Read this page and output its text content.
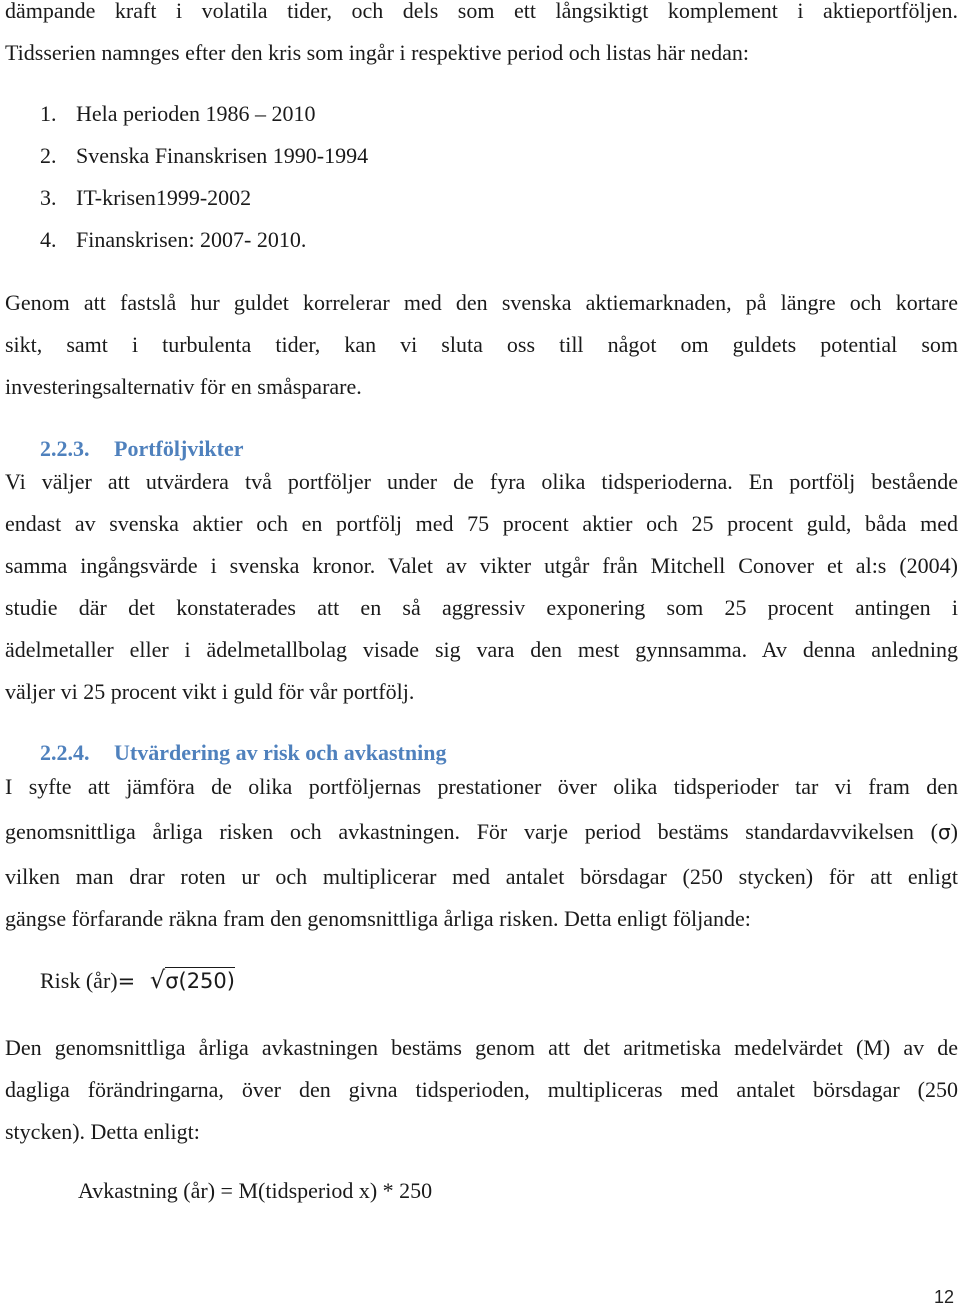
dämpande kraft i volatila tider, och dels som ett långsiktigt komplement i aktieportföljen.
Tidsserien namnges efter den kris som ingår i respektive period och listas här nedan:

1. Hela perioden 1986 – 2010
2. Svenska Finanskrisen 1990-1994
3. IT-krisen1999-2002
4. Finanskrisen: 2007- 2010.

Genom att fastslå hur guldet korrelerar med den svenska aktiemarknaden, på längre och kortare
sikt, samt i turbulenta tider, kan vi sluta oss till något om guldets potential som
investeringsalternativ för en småsparare.

2.2.3. Portföljvikter

Vi väljer att utvärdera två portföljer under de fyra olika tidsperioderna. En portfölj bestående
endast av svenska aktier och en portfölj med 75 procent aktier och 25 procent guld, båda med
samma ingångsvärde i svenska kronor. Valet av vikter utgår från Mitchell Conover et al:s (2004)
studie där det konstaterades att en så aggressiv exponering som 25 procent antingen i
ädelmetaller eller i ädelmetallbolag visade sig vara den mest gynnsamma. Av denna anledning
väljer vi 25 procent vikt i guld för vår portfölj.

2.2.4. Utvärdering av risk och avkastning

I syfte att jämföra de olika portföljernas prestationer över olika tidsperioder tar vi fram den
genomsnittliga årliga risken och avkastningen. För varje period bestäms standardavvikelsen (σ)
vilken man drar roten ur och multiplicerar med antalet börsdagar (250 stycken) för att enligt
gängse förfarande räkna fram den genomsnittliga årliga risken. Detta enligt följande:

Risk (år)= √σ(250)

Den genomsnittliga årliga avkastningen bestäms genom att det aritmetiska medelvärdet (M) av de
dagliga förändringarna, över den givna tidsperioden, multipliceras med antalet börsdagar (250
stycken). Detta enligt:

Avkastning (år) = M(tidsperiod x) * 250
12
